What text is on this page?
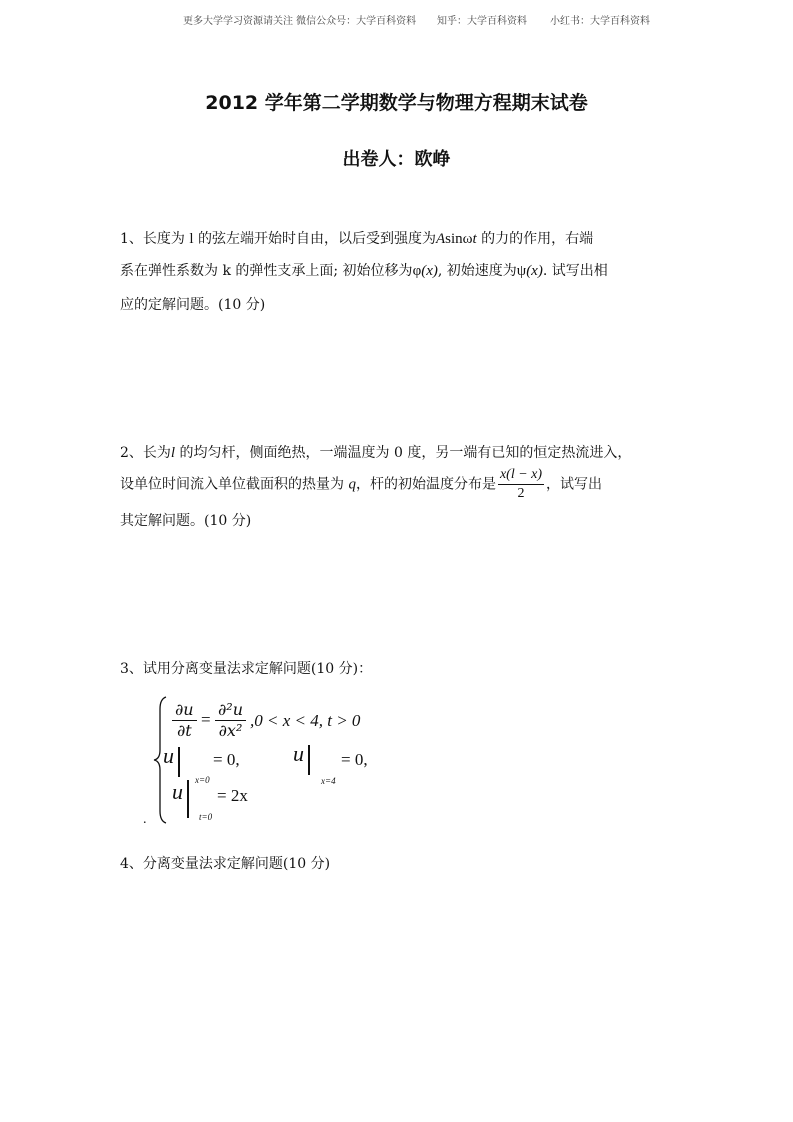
更多大学学习资源请关注 微信公众号：大学百科资料 知乎：大学百科资料 小红书：大学百科资料
2012 学年第二学期数学与物理方程期末试卷
出卷人：欧峥
1、长度为 l 的弦左端开始时自由，以后受到强度为Asinωt 的力的作用，右端
系在弹性系数为 k 的弹性支承上面; 初始位移为φ(x), 初始速度为ψ(x). 试写出相
应的定解问题。(10 分)
2、长为l 的均匀杆，侧面绝热，一端温度为 0 度，另一端有已知的恒定热流进入，
设单位时间流入单位截面积的热量为 q，杆的初始温度分布是 $\frac{x(l - x)}{2}$ ，试写出
其定解问题。(10 分)
3、试用分离变量法求定解问题(10 分)：
$\frac{\partial u}{\partial t} = \frac{\text{∂²u}}{\text{∂x²}} ,0 < x < 4$, t > 0
u
x=0
= 0, u
x=4
= 0,
u
t=0
= 2x
.
4、分离变量法求定解问题(10 分)
